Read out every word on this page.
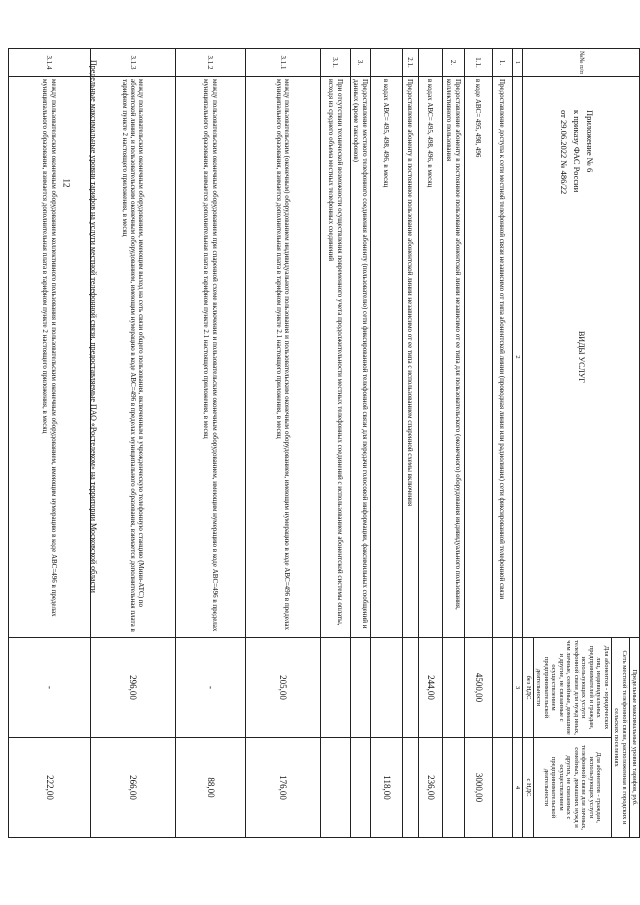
12
Приложение № 6
к приказу ФАС России
от 29.06.2022 № 486/22
Предельные максимальные уровни тарифов на услуги местной телефонной связи, предоставляемые ПАО «Ростелеком» на территории Московской области	№№ п/п	ВИДЫ УСЛУГ	Предельные максимальные уровни тарифов, руб.	
		Сеть местной телефонной связи, расположенная в городских и сельских поселениях	
		Для абонентов - юридических лиц, индивидуальных предпринимателей и граждан, использующих услуги телефонной связи для нужд иных, чем личные, семейные, домашние и другие, не связанные с осуществлением предпринимательской деятельности	Для абонентов - граждан, использующих услуги телефонной связи для личных, семейных, домашних нужд и других, не связанных с осуществлением предпринимательской деятельности
		без НДС	с НДС
1	2	3	4
1.	Предоставление доступа к сети местной телефонной связи независимо от типа абонентской линии (проводная линия или радиолиния) сети фиксированной телефонной связи		
1.1.	в коде АВС= 495, 498, 496	4500,00	3000,00
2.	Предоставление абоненту в постоянное пользование абонентской линии независимо от ее типа для пользовательского (оконечного) оборудования индивидуального пользования, коллективного пользования		
	в кодах АВС= 495, 498, 496, в месяц	244,00	236,00
2.1.	Предоставление абоненту в постоянное пользование абонентской линии независимо от ее типа с использованием спаренной схемы включения		
	в кодах АВС= 495, 498, 496, в месяц		118,00
3.	Предоставление местного телефонного соединения абоненту (пользователю) сети фиксированной телефонной связи для передачи голосовой информации, факсимильных сообщений и данных (кроме таксофонов)		
3.1.	При отсутствии технической возможности осуществления повременного учета продолжительности местных телефонных соединений с использованием абонентской системы оплаты, исходя из среднего объема местных телефонных соединений		
3.1.1	между пользовательским (оконечным) оборудованием индивидуального пользования и пользовательским оконечным оборудованием, имеющим нумерацию в коде АВС=496 в пределах муниципального образования, взимается дополнительная плата в тарифном пункте 2.1 настоящего приложения, в месяц	205,00	176,00
3.1.2	между пользовательским оконечным оборудованием при спаренной схеме включения и пользовательским оконечным оборудованием, имеющим нумерацию в коде АВС=496 в пределах муниципального образования, взимается дополнительная плата в тарифном пункте 2.1 настоящего приложения, в месяц	-	88,00
3.1.3	между пользовательским оконечным оборудованием, имеющим выход на сеть связи общего пользования, включенным в учрежденческую телефонную станцию (Мини-АТС) по абонентской линии, и пользовательским оконечным оборудованием, имеющим нумерацию в коде АВС=496 в пределах муниципального образования, взимается дополнительная плата в тарифном пункте 2 настоящего приложения, в месяц	296,00	266,00
3.1.4	между пользовательским оконечным оборудованием коллективного пользования и пользовательским оконечным оборудованием, имеющим нумерацию в коде АВС=496 в пределах муниципального образования, взимается дополнительная плата в тарифном пункте 2 настоящего приложения, в месяц	-	222,00
